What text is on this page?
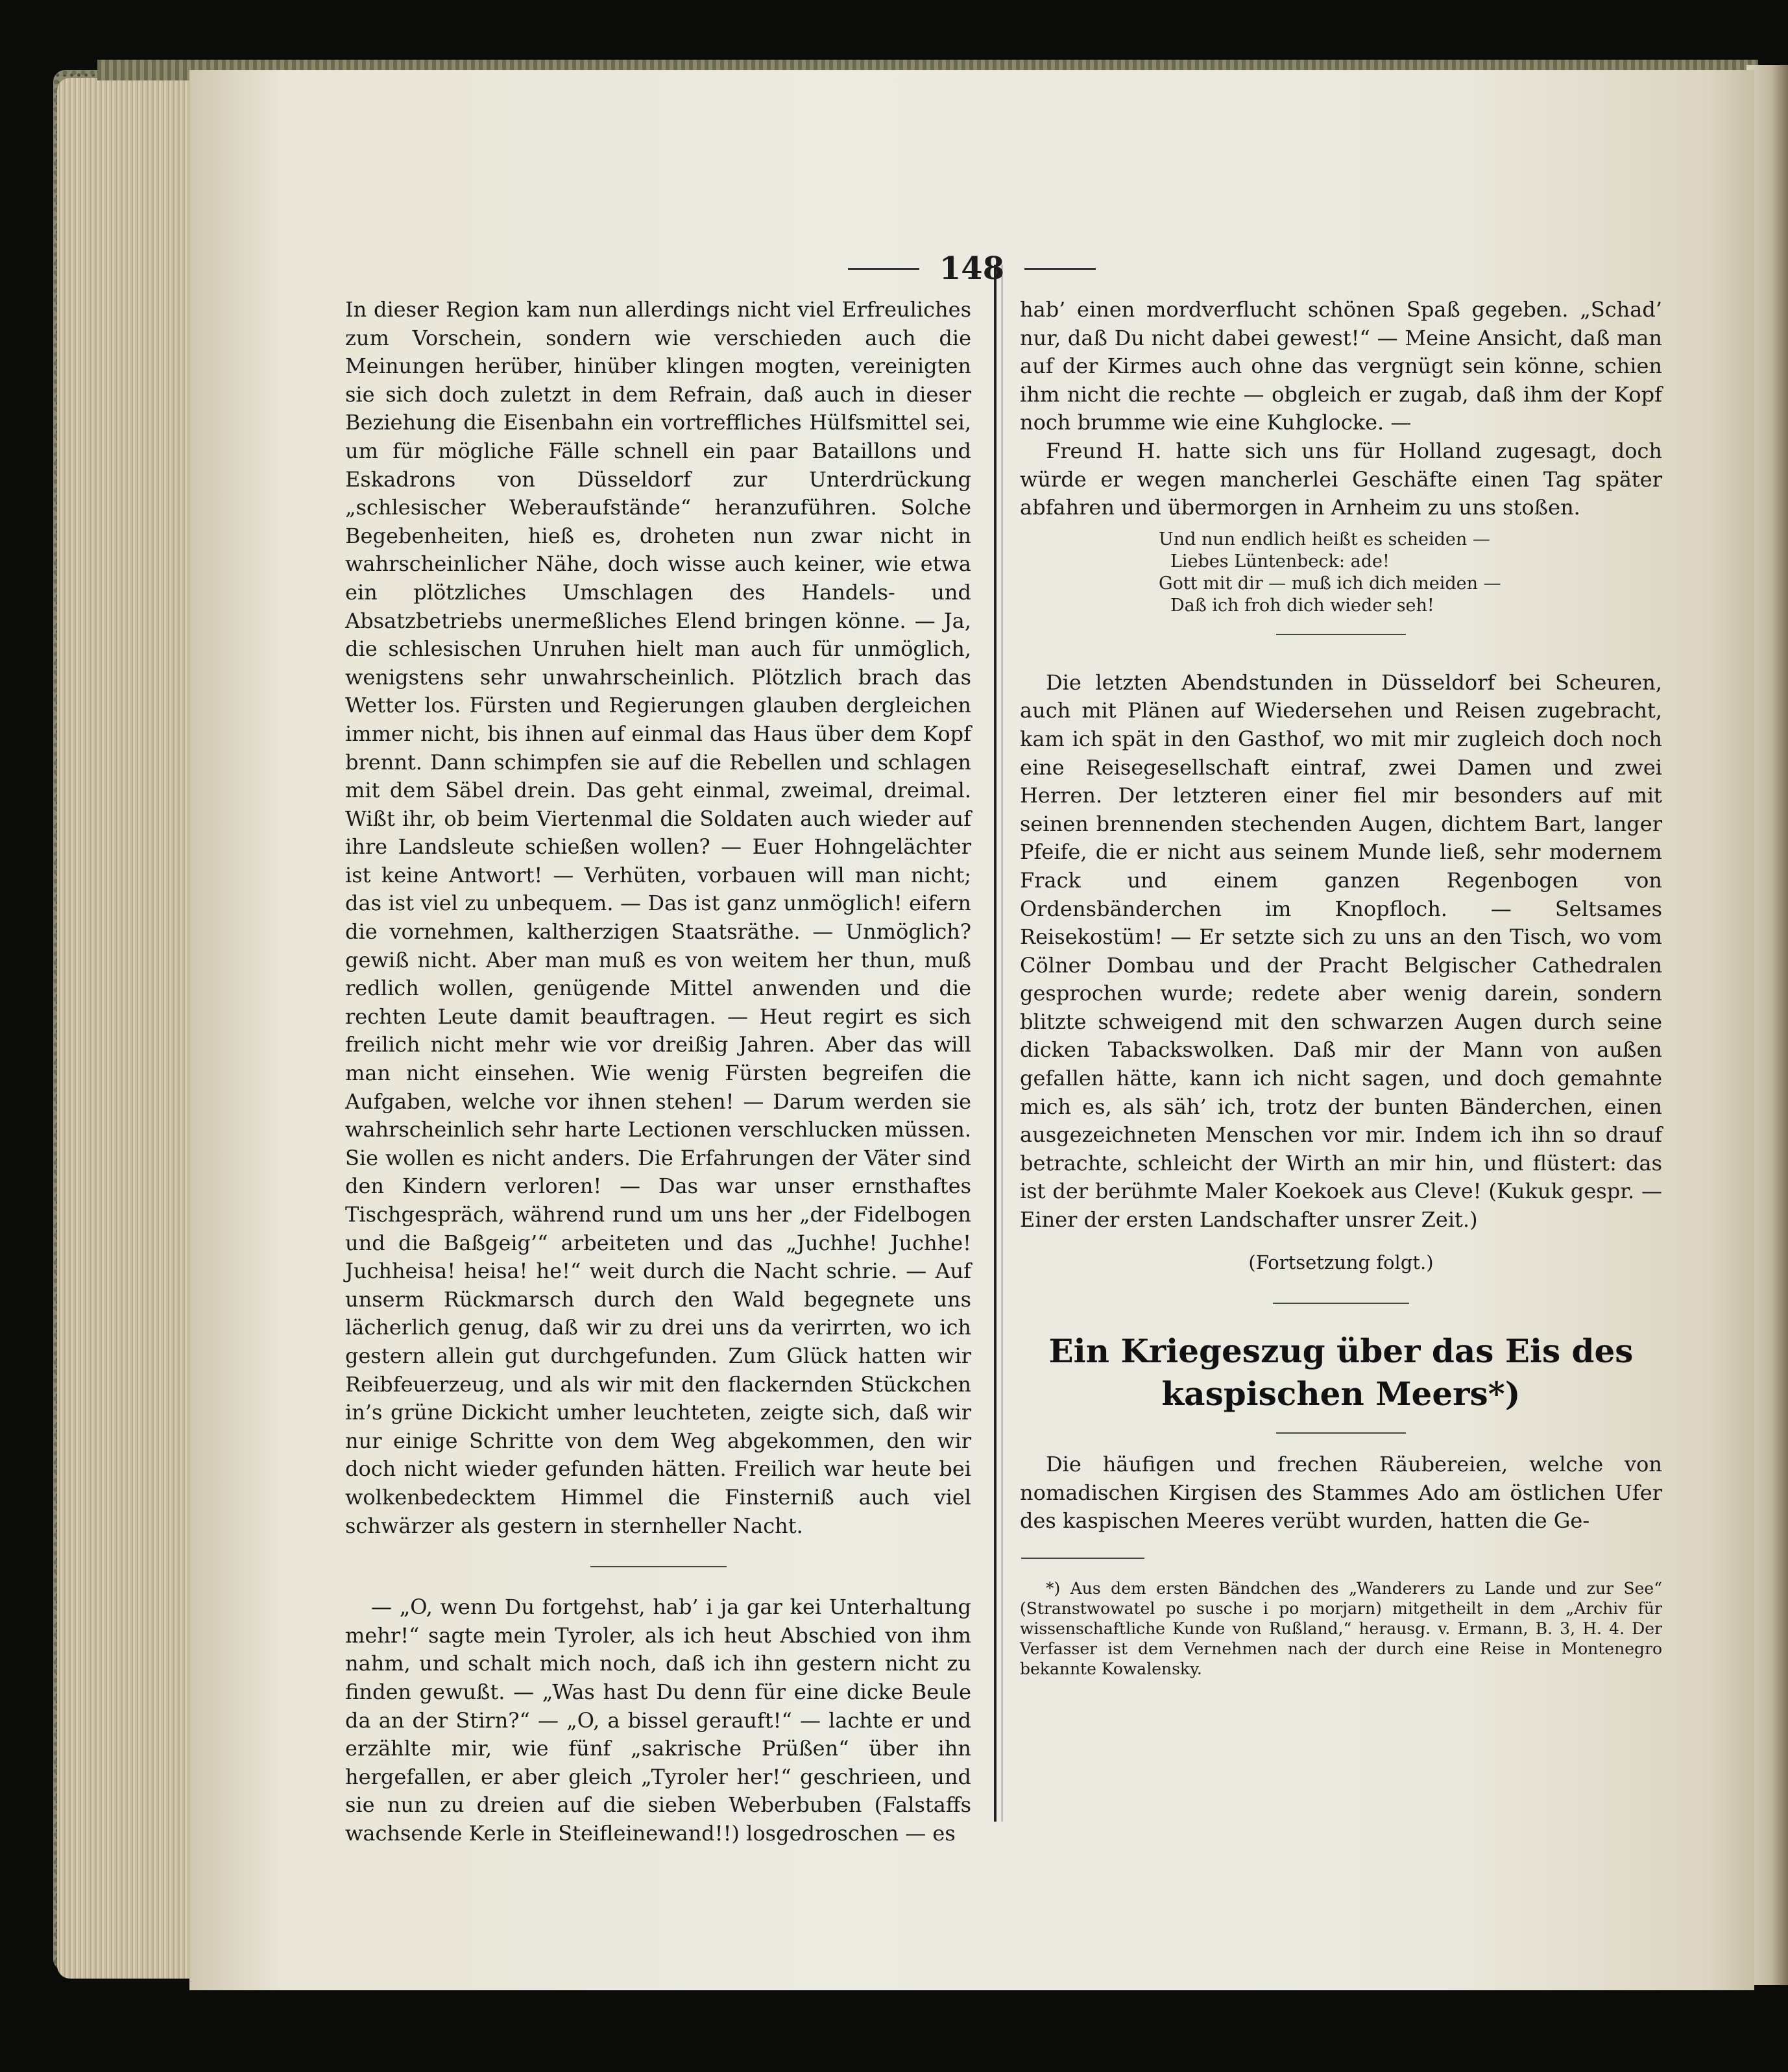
148

In dieser Region kam nun allerdings nicht viel Erfreuliches zum Vorschein, sondern wie verschieden auch die Meinungen herüber, hinüber klingen mogten, vereinigten sie sich doch zuletzt in dem Refrain, daß auch in dieser Beziehung die Eisenbahn ein vortreffliches Hülfsmittel sei, um für mögliche Fälle schnell ein paar Bataillons und Eskadrons von Düsseldorf zur Unterdrückung „schlesischer Weberaufstände“ heranzuführen. Solche Begebenheiten, hieß es, droheten nun zwar nicht in wahrscheinlicher Nähe, doch wisse auch keiner, wie etwa ein plötzliches Umschlagen des Handels- und Absatzbetriebs unermeßliches Elend bringen könne. — Ja, die schlesischen Unruhen hielt man auch für unmöglich, wenigstens sehr unwahrscheinlich. Plötzlich brach das Wetter los. Fürsten und Regierungen glauben dergleichen immer nicht, bis ihnen auf einmal das Haus über dem Kopf brennt. Dann schimpfen sie auf die Rebellen und schlagen mit dem Säbel drein. Das geht einmal, zweimal, dreimal. Wißt ihr, ob beim Viertenmal die Soldaten auch wieder auf ihre Landsleute schießen wollen? — Euer Hohngelächter ist keine Antwort! — Verhüten, vorbauen will man nicht; das ist viel zu unbequem. — Das ist ganz unmöglich! eifern die vornehmen, kaltherzigen Staatsräthe. — Unmöglich? gewiß nicht. Aber man muß es von weitem her thun, muß redlich wollen, genügende Mittel anwenden und die rechten Leute damit beauftragen. — Heut regirt es sich freilich nicht mehr wie vor dreißig Jahren. Aber das will man nicht einsehen. Wie wenig Fürsten begreifen die Aufgaben, welche vor ihnen stehen! — Darum werden sie wahrscheinlich sehr harte Lectionen verschlucken müssen. Sie wollen es nicht anders. Die Erfahrungen der Väter sind den Kindern verloren! — Das war unser ernsthaftes Tischgespräch, während rund um uns her „der Fidelbogen und die Baßgeig’“ arbeiteten und das „Juchhe! Juchhe! Juchheisa! heisa! he!“ weit durch die Nacht schrie. — Auf unserm Rückmarsch durch den Wald begegnete uns lächerlich genug, daß wir zu drei uns da verirrten, wo ich gestern allein gut durchgefunden. Zum Glück hatten wir Reibfeuerzeug, und als wir mit den flackernden Stückchen in’s grüne Dickicht umher leuchteten, zeigte sich, daß wir nur einige Schritte von dem Weg abgekommen, den wir doch nicht wieder gefunden hätten. Freilich war heute bei wolkenbedecktem Himmel die Finsterniß auch viel schwärzer als gestern in sternheller Nacht.

— „O, wenn Du fortgehst, hab’ i ja gar kei Unterhaltung mehr!“ sagte mein Tyroler, als ich heut Abschied von ihm nahm, und schalt mich noch, daß ich ihn gestern nicht zu finden gewußt. — „Was hast Du denn für eine dicke Beule da an der Stirn?“ — „O, a bissel gerauft!“ — lachte er und erzählte mir, wie fünf „sakrische Prüßen“ über ihn hergefallen, er aber gleich „Tyroler her!“ geschrieen, und sie nun zu dreien auf die sieben Weberbuben (Falstaffs wachsende Kerle in Steifleinewand!!) losgedroschen — es

hab’ einen mordverflucht schönen Spaß gegeben. „Schad’ nur, daß Du nicht dabei gewest!“ — Meine Ansicht, daß man auf der Kirmes auch ohne das vergnügt sein könne, schien ihm nicht die rechte — obgleich er zugab, daß ihm der Kopf noch brumme wie eine Kuhglocke. —

Freund H. hatte sich uns für Holland zugesagt, doch würde er wegen mancherlei Geschäfte einen Tag später abfahren und übermorgen in Arnheim zu uns stoßen.

Und nun endlich heißt es scheiden —
Liebes Lüntenbeck: ade!
Gott mit dir — muß ich dich meiden —
Daß ich froh dich wieder seh!

Die letzten Abendstunden in Düsseldorf bei Scheuren, auch mit Plänen auf Wiedersehen und Reisen zugebracht, kam ich spät in den Gasthof, wo mit mir zugleich doch noch eine Reisegesellschaft eintraf, zwei Damen und zwei Herren. Der letzteren einer fiel mir besonders auf mit seinen brennenden stechenden Augen, dichtem Bart, langer Pfeife, die er nicht aus seinem Munde ließ, sehr modernem Frack und einem ganzen Regenbogen von Ordensbänderchen im Knopfloch. — Seltsames Reisekostüm! — Er setzte sich zu uns an den Tisch, wo vom Cölner Dombau und der Pracht Belgischer Cathedralen gesprochen wurde; redete aber wenig darein, sondern blitzte schweigend mit den schwarzen Augen durch seine dicken Tabackswolken. Daß mir der Mann von außen gefallen hätte, kann ich nicht sagen, und doch gemahnte mich es, als säh’ ich, trotz der bunten Bänderchen, einen ausgezeichneten Menschen vor mir. Indem ich ihn so drauf betrachte, schleicht der Wirth an mir hin, und flüstert: das ist der berühmte Maler Koekoek aus Cleve! (Kukuk gespr. — Einer der ersten Landschafter unsrer Zeit.)

(Fortsetzung folgt.)

Ein Kriegeszug über das Eis des kaspischen Meers*)

Die häufigen und frechen Räubereien, welche von nomadischen Kirgisen des Stammes Ado am östlichen Ufer des kaspischen Meeres verübt wurden, hatten die Ge-

*) Aus dem ersten Bändchen des „Wanderers zu Lande und zur See“ (Stranstwowatel po susche i po morjarn) mitgetheilt in dem „Archiv für wissenschaftliche Kunde von Rußland,“ herausg. v. Ermann, B. 3, H. 4. Der Verfasser ist dem Vernehmen nach der durch eine Reise in Montenegro bekannte Kowalensky.
